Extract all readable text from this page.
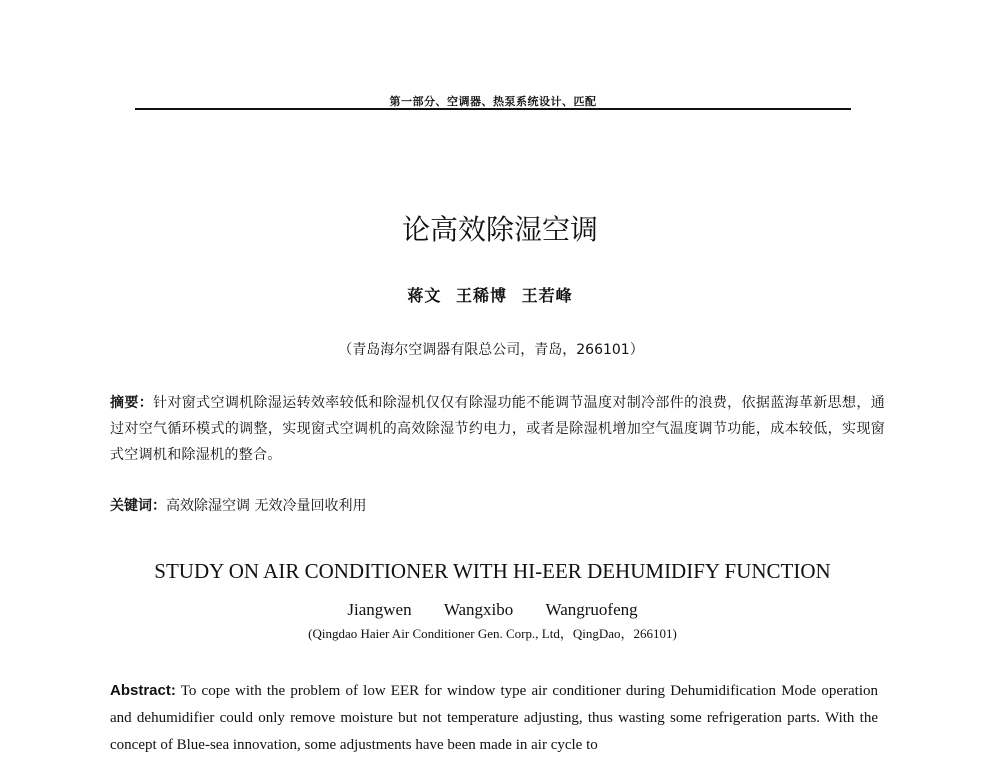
第一部分、空调器、热泵系统设计、匹配
论高效除湿空调
蒋文 王稀博 王若峰
（青岛海尔空调器有限总公司，青岛，266101）
摘要：针对窗式空调机除湿运转效率较低和除湿机仅仅有除湿功能不能调节温度对制冷部件的浪费，依据蓝海革新思想，通过对空气循环模式的调整，实现窗式空调机的高效除湿节约电力，或者是除湿机增加空气温度调节功能，成本较低，实现窗式空调机和除湿机的整合。
关键词：高效除湿空调 无效冷量回收利用
STUDY ON AIR CONDITIONER WITH HI-EER DEHUMIDIFY FUNCTION
Jiangwen Wangxibo Wangruofeng
(Qingdao Haier Air Conditioner Gen. Corp., Ltd，QingDao，266101)
Abstract: To cope with the problem of low EER for window type air conditioner during Dehumidification Mode operation and dehumidifier could only remove moisture but not temperature adjusting, thus wasting some refrigeration parts. With the concept of Blue-sea innovation, some adjustments have been made in air cycle to
